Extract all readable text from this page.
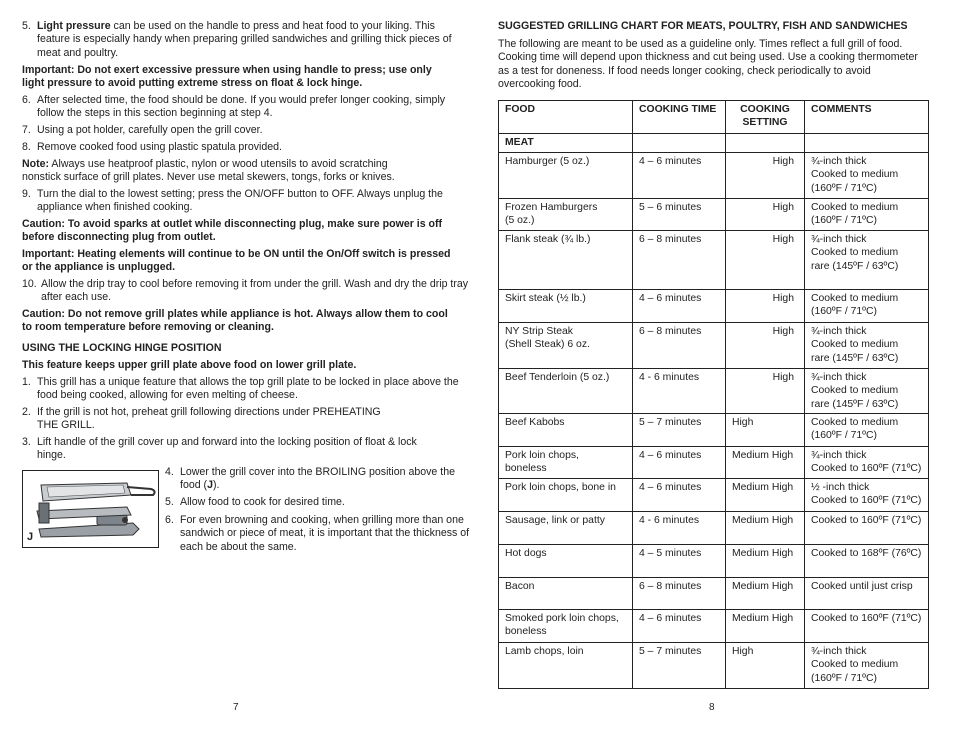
5. Light pressure can be used on the handle to press and heat food to your liking. This feature is especially handy when preparing grilled sandwiches and grilling thick pieces of meat and poultry.

Important: Do not exert excessive pressure when using handle to press; use only light pressure to avoid putting extreme stress on float & lock hinge.

6. After selected time, the food should be done. If you would prefer longer cooking, simply follow the steps in this section beginning at step 4.
7. Using a pot holder, carefully open the grill cover.
8. Remove cooked food using plastic spatula provided.

Note: Always use heatproof plastic, nylon or wood utensils to avoid scratching nonstick surface of grill plates. Never use metal skewers, tongs, forks or knives.

9. Turn the dial to the lowest setting; press the ON/OFF button to OFF. Always unplug the appliance when finished cooking.

Caution: To avoid sparks at outlet while disconnecting plug, make sure power is off before disconnecting plug from outlet.

Important: Heating elements will continue to be ON until the On/Off switch is pressed or the appliance is unplugged.

10. Allow the drip tray to cool before removing it from under the grill. Wash and dry the drip tray after each use.

Caution: Do not remove grill plates while appliance is hot. Always allow them to cool to room temperature before removing or cleaning.

USING THE LOCKING HINGE POSITION

This feature keeps upper grill plate above food on lower grill plate.

1. This grill has a unique feature that allows the top grill plate to be locked in place above the food being cooked, allowing for even melting of cheese.
2. If the grill is not hot, preheat grill following directions under PREHEATING THE GRILL.
3. Lift handle of the grill cover up and forward into the locking position of float & lock hinge.
J
4. Lower the grill cover into the BROILING position above the food (J).
5. Allow food to cook for desired time.
6. For even browning and cooking, when grilling more than one sandwich or piece of meat, it is important that the thickness of each be about the same.
7

SUGGESTED GRILLING CHART FOR MEATS, POULTRY, FISH AND SANDWICHES

The following are meant to be used as a guideline only. Times reflect a full grill of food. Cooking time will depend upon thickness and cut being used. Use a cooking thermometer as a test for doneness. If food needs longer cooking, check periodically to avoid overcooking food.

FOOD	COOKING TIME	COOKING SETTING	COMMENTS
MEAT			
Hamburger (5 oz.)	4 – 6 minutes	High	¾-inch thick
Cooked to medium
(160ºF / 71ºC)
Frozen Hamburgers
(5 oz.)	5 – 6 minutes	High	Cooked to medium
(160ºF / 71ºC)
Flank steak (¾ lb.)	6 – 8 minutes	High	¾-inch thick
Cooked to medium
rare (145ºF / 63ºC)
Skirt steak (½ lb.)	4 – 6 minutes	High	Cooked to medium
(160ºF / 71ºC)
NY Strip Steak
(Shell Steak) 6 oz.	6 – 8 minutes	High	¾-inch thick
Cooked to medium
rare (145ºF / 63ºC)
Beef Tenderloin (5 oz.)	4 - 6 minutes	High	¾-inch thick
Cooked to medium
rare (145ºF / 63ºC)
Beef Kabobs	5 – 7 minutes	High	Cooked to medium
(160ºF / 71ºC)
Pork loin chops,
boneless	4 – 6 minutes	Medium High	¾-inch thick
Cooked to 160ºF (71ºC)
Pork loin chops, bone in	4 – 6 minutes	Medium High	½ -inch thick
Cooked to 160ºF (71ºC)
Sausage, link or patty	4 - 6 minutes	Medium High	Cooked to 160ºF (71ºC)
Hot dogs	4 – 5 minutes	Medium High	Cooked to 168ºF (76ºC)
Bacon	6 – 8 minutes	Medium High	Cooked until just crisp
Smoked pork loin chops,
boneless	4 – 6 minutes	Medium High	Cooked to 160ºF (71ºC)
Lamb chops, loin	5 – 7 minutes	High	¾-inch thick
Cooked to medium
(160ºF / 71ºC)
8
